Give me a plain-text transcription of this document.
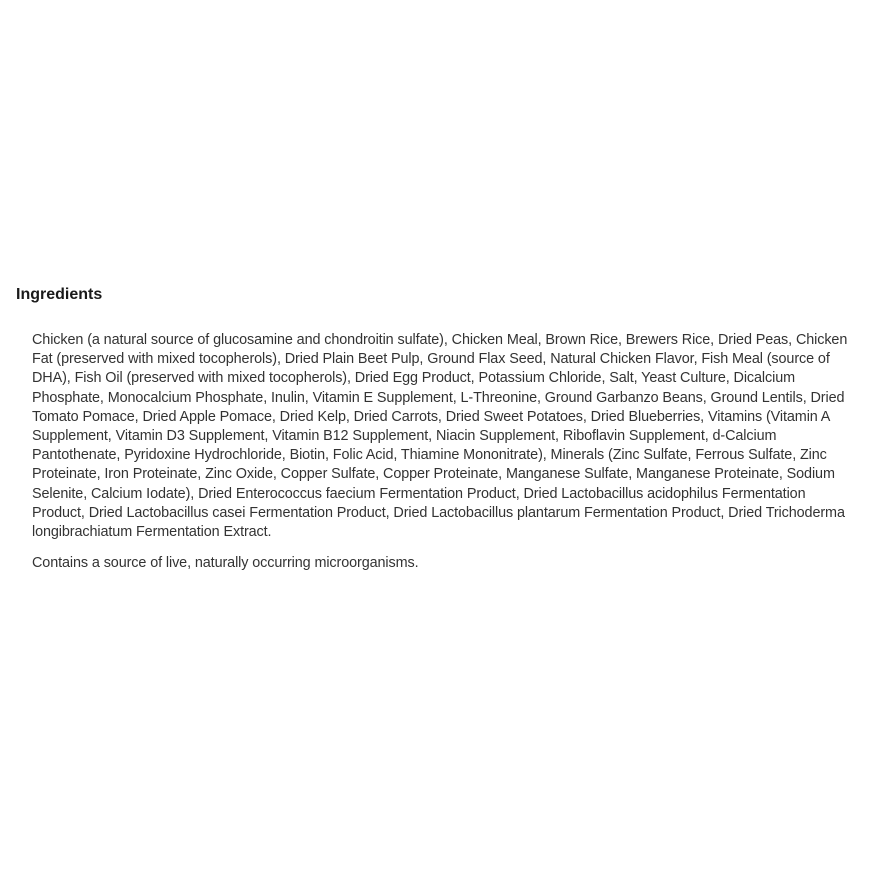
Ingredients

Chicken (a natural source of glucosamine and chondroitin sulfate), Chicken Meal, Brown Rice, Brewers Rice, Dried Peas, Chicken Fat (preserved with mixed tocopherols), Dried Plain Beet Pulp, Ground Flax Seed, Natural Chicken Flavor, Fish Meal (source of DHA), Fish Oil (preserved with mixed tocopherols), Dried Egg Product, Potassium Chloride, Salt, Yeast Culture, Dicalcium Phosphate, Monocalcium Phosphate, Inulin, Vitamin E Supplement, L-Threonine, Ground Garbanzo Beans, Ground Lentils, Dried Tomato Pomace, Dried Apple Pomace, Dried Kelp, Dried Carrots, Dried Sweet Potatoes, Dried Blueberries, Vitamins (Vitamin A Supplement, Vitamin D3 Supplement, Vitamin B12 Supplement, Niacin Supplement, Riboflavin Supplement, d-Calcium Pantothenate, Pyridoxine Hydrochloride, Biotin, Folic Acid, Thiamine Mononitrate), Minerals (Zinc Sulfate, Ferrous Sulfate, Zinc Proteinate, Iron Proteinate, Zinc Oxide, Copper Sulfate, Copper Proteinate, Manganese Sulfate, Manganese Proteinate, Sodium Selenite, Calcium Iodate), Dried Enterococcus faecium Fermentation Product, Dried Lactobacillus acidophilus Fermentation Product, Dried Lactobacillus casei Fermentation Product, Dried Lactobacillus plantarum Fermentation Product, Dried Trichoderma longibrachiatum Fermentation Extract.

Contains a source of live, naturally occurring microorganisms.
